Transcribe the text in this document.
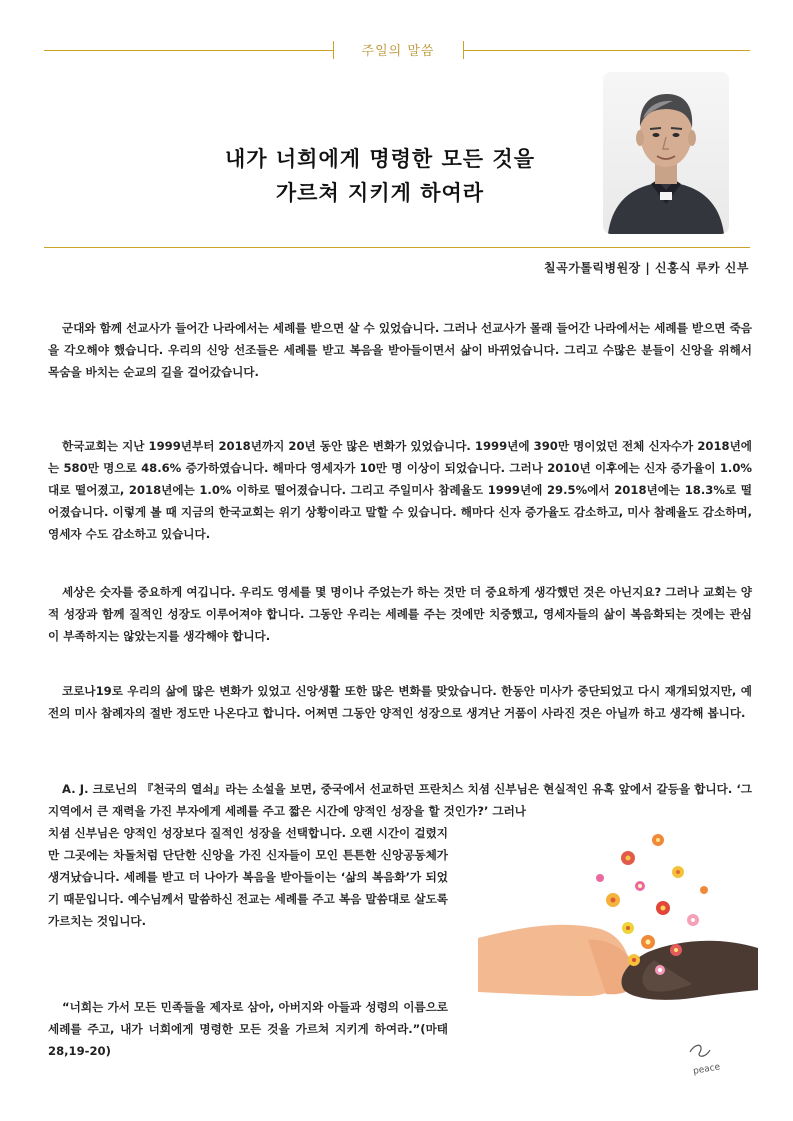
주일의 말씀
내가 너희에게 명령한 모든 것을
가르쳐 지키게 하여라
칠곡가톨릭병원장 | 신홍식 루카 신부
군대와 함께 선교사가 들어간 나라에서는 세례를 받으면 살 수 있었습니다. 그러나 선교사가 몰래 들어간 나라에서는 세례를 받으면 죽음을 각오해야 했습니다. 우리의 신앙 선조들은 세례를 받고 복음을 받아들이면서 삶이 바뀌었습니다. 그리고 수많은 분들이 신앙을 위해서 목숨을 바치는 순교의 길을 걸어갔습니다.
한국교회는 지난 1999년부터 2018년까지 20년 동안 많은 변화가 있었습니다. 1999년에 390만 명이었던 전체 신자수가 2018년에는 580만 명으로 48.6% 증가하였습니다. 해마다 영세자가 10만 명 이상이 되었습니다. 그러나 2010년 이후에는 신자 증가율이 1.0% 대로 떨어졌고, 2018년에는 1.0% 이하로 떨어졌습니다. 그리고 주일미사 참례율도 1999년에 29.5%에서 2018년에는 18.3%로 떨어졌습니다. 이렇게 볼 때 지금의 한국교회는 위기 상황이라고 말할 수 있습니다. 해마다 신자 증가율도 감소하고, 미사 참례율도 감소하며, 영세자 수도 감소하고 있습니다.
세상은 숫자를 중요하게 여깁니다. 우리도 영세를 몇 명이나 주었는가 하는 것만 더 중요하게 생각했던 것은 아닌지요? 그러나 교회는 양적 성장과 함께 질적인 성장도 이루어져야 합니다. 그동안 우리는 세례를 주는 것에만 치중했고, 영세자들의 삶이 복음화되는 것에는 관심이 부족하지는 않았는지를 생각해야 합니다.
코로나19로 우리의 삶에 많은 변화가 있었고 신앙생활 또한 많은 변화를 맞았습니다. 한동안 미사가 중단되었고 다시 재개되었지만, 예전의 미사 참례자의 절반 정도만 나온다고 합니다. 어쩌면 그동안 양적인 성장으로 생겨난 거품이 사라진 것은 아닐까 하고 생각해 봅니다.
A. J. 크로닌의 『천국의 열쇠』라는 소설을 보면, 중국에서 선교하던 프란치스 치셤 신부님은 현실적인 유혹 앞에서 갈등을 합니다. ‘그 지역에서 큰 재력을 가진 부자에게 세례를 주고 짧은 시간에 양적인 성장을 할 것인가?’ 그러나
치셤 신부님은 양적인 성장보다 질적인 성장을 선택합니다. 오랜 시간이 걸렸지만 그곳에는 차돌처럼 단단한 신앙을 가진 신자들이 모인 튼튼한 신앙공동체가 생겨났습니다. 세례를 받고 더 나아가 복음을 받아들이는 ‘삶의 복음화’가 되었기 때문입니다. 예수님께서 말씀하신 전교는 세례를 주고 복음 말씀대로 살도록 가르치는 것입니다.
“너희는 가서 모든 민족들을 제자로 삼아, 아버지와 아들과 성령의 이름으로 세례를 주고, 내가 너희에게 명령한 모든 것을 가르쳐 지키게 하여라.”(마태 28,19-20)
peace
